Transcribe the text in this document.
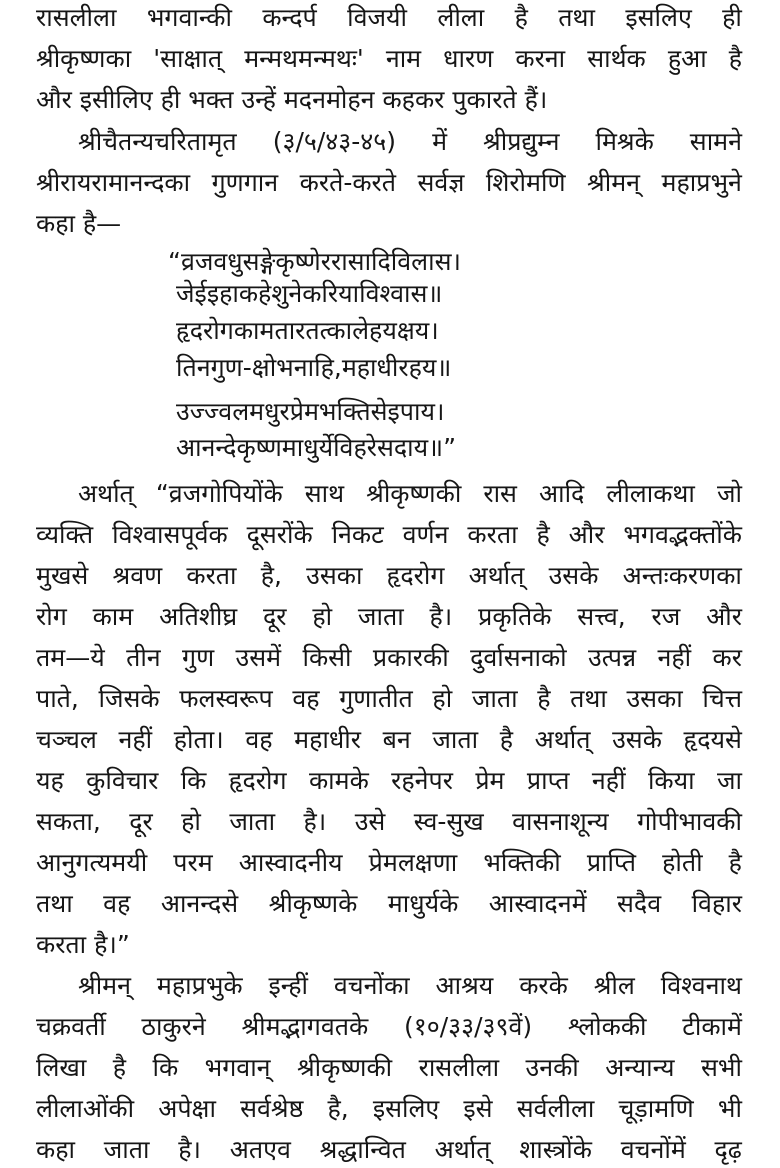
रासलीला भगवान्की कन्दर्प विजयी लीला है तथा इसलिए ही
श्रीकृष्णका 'साक्षात् मन्मथमन्मथः' नाम धारण करना सार्थक हुआ है
और इसीलिए ही भक्त उन्हें मदनमोहन कहकर पुकारते हैं।
श्रीचैतन्यचरितामृत (३/५/४३-४५) में श्रीप्रद्युम्न मिश्रके सामने
श्रीरायरामानन्दका गुणगान करते-करते सर्वज्ञ शिरोमणि श्रीमन् महाप्रभुने
कहा है—
“व्रजवधुसङ्गे कृष्णेर रासादिविलास।
जेई इहा कहे शुने करिया विश्वास॥
हृदरोग काम तार तत्काले हय क्षय।
तिनगुण-क्षोभ नाहि, महाधीर हय॥
उज्ज्वल मधुर प्रेमभक्ति सेइ पाय।
आनन्दे कृष्णमाधुर्ये विहरे सदाय॥”
अर्थात् “व्रजगोपियोंके साथ श्रीकृष्णकी रास आदि लीलाकथा जो
व्यक्ति विश्वासपूर्वक दूसरोंके निकट वर्णन करता है और भगवद्भक्तोंके
मुखसे श्रवण करता है, उसका हृदरोग अर्थात् उसके अन्तःकरणका
रोग काम अतिशीघ्र दूर हो जाता है। प्रकृतिके सत्त्व, रज और
तम—ये तीन गुण उसमें किसी प्रकारकी दुर्वासनाको उत्पन्न नहीं कर
पाते, जिसके फलस्वरूप वह गुणातीत हो जाता है तथा उसका चित्त
चञ्चल नहीं होता। वह महाधीर बन जाता है अर्थात् उसके हृदयसे
यह कुविचार कि हृदरोग कामके रहनेपर प्रेम प्राप्त नहीं किया जा
सकता, दूर हो जाता है। उसे स्व-सुख वासनाशून्य गोपीभावकी
आनुगत्यमयी परम आस्वादनीय प्रेमलक्षणा भक्तिकी प्राप्ति होती है
तथा वह आनन्दसे श्रीकृष्णके माधुर्यके आस्वादनमें सदैव विहार
करता है।”
श्रीमन् महाप्रभुके इन्हीं वचनोंका आश्रय करके श्रील विश्वनाथ
चक्रवर्ती ठाकुरने श्रीमद्भागवतके (१०/३३/३९वें) श्लोककी टीकामें
लिखा है कि भगवान् श्रीकृष्णकी रासलीला उनकी अन्यान्य सभी
लीलाओंकी अपेक्षा सर्वश्रेष्ठ है, इसलिए इसे सर्वलीला चूड़ामणि भी
कहा जाता है। अतएव श्रद्धान्वित अर्थात् शास्त्रोंके वचनोंमें दृढ़
